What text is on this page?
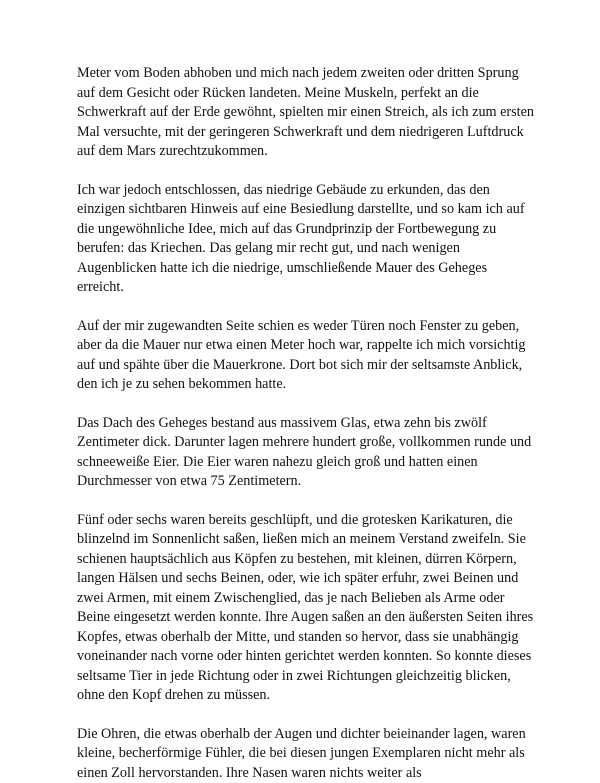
Meter vom Boden abhoben und mich nach jedem zweiten oder dritten Sprung auf dem Gesicht oder Rücken landeten. Meine Muskeln, perfekt an die Schwerkraft auf der Erde gewöhnt, spielten mir einen Streich, als ich zum ersten Mal versuchte, mit der geringeren Schwerkraft und dem niedrigeren Luftdruck auf dem Mars zurechtzukommen.

Ich war jedoch entschlossen, das niedrige Gebäude zu erkunden, das den einzigen sichtbaren Hinweis auf eine Besiedlung darstellte, und so kam ich auf die ungewöhnliche Idee, mich auf das Grundprinzip der Fortbewegung zu berufen: das Kriechen. Das gelang mir recht gut, und nach wenigen Augenblicken hatte ich die niedrige, umschließende Mauer des Geheges erreicht.

Auf der mir zugewandten Seite schien es weder Türen noch Fenster zu geben, aber da die Mauer nur etwa einen Meter hoch war, rappelte ich mich vorsichtig auf und spähte über die Mauerkrone. Dort bot sich mir der seltsamste Anblick, den ich je zu sehen bekommen hatte.

Das Dach des Geheges bestand aus massivem Glas, etwa zehn bis zwölf Zentimeter dick. Darunter lagen mehrere hundert große, vollkommen runde und schneeweiße Eier. Die Eier waren nahezu gleich groß und hatten einen Durchmesser von etwa 75 Zentimetern.

Fünf oder sechs waren bereits geschlüpft, und die grotesken Karikaturen, die blinzelnd im Sonnenlicht saßen, ließen mich an meinem Verstand zweifeln. Sie schienen hauptsächlich aus Köpfen zu bestehen, mit kleinen, dürren Körpern, langen Hälsen und sechs Beinen, oder, wie ich später erfuhr, zwei Beinen und zwei Armen, mit einem Zwischenglied, das je nach Belieben als Arme oder Beine eingesetzt werden konnte. Ihre Augen saßen an den äußersten Seiten ihres Kopfes, etwas oberhalb der Mitte, und standen so hervor, dass sie unabhängig voneinander nach vorne oder hinten gerichtet werden konnten. So konnte dieses seltsame Tier in jede Richtung oder in zwei Richtungen gleichzeitig blicken, ohne den Kopf drehen zu müssen.

Die Ohren, die etwas oberhalb der Augen und dichter beieinander lagen, waren kleine, becherförmige Fühler, die bei diesen jungen Exemplaren nicht mehr als einen Zoll hervorstanden. Ihre Nasen waren nichts weiter als
